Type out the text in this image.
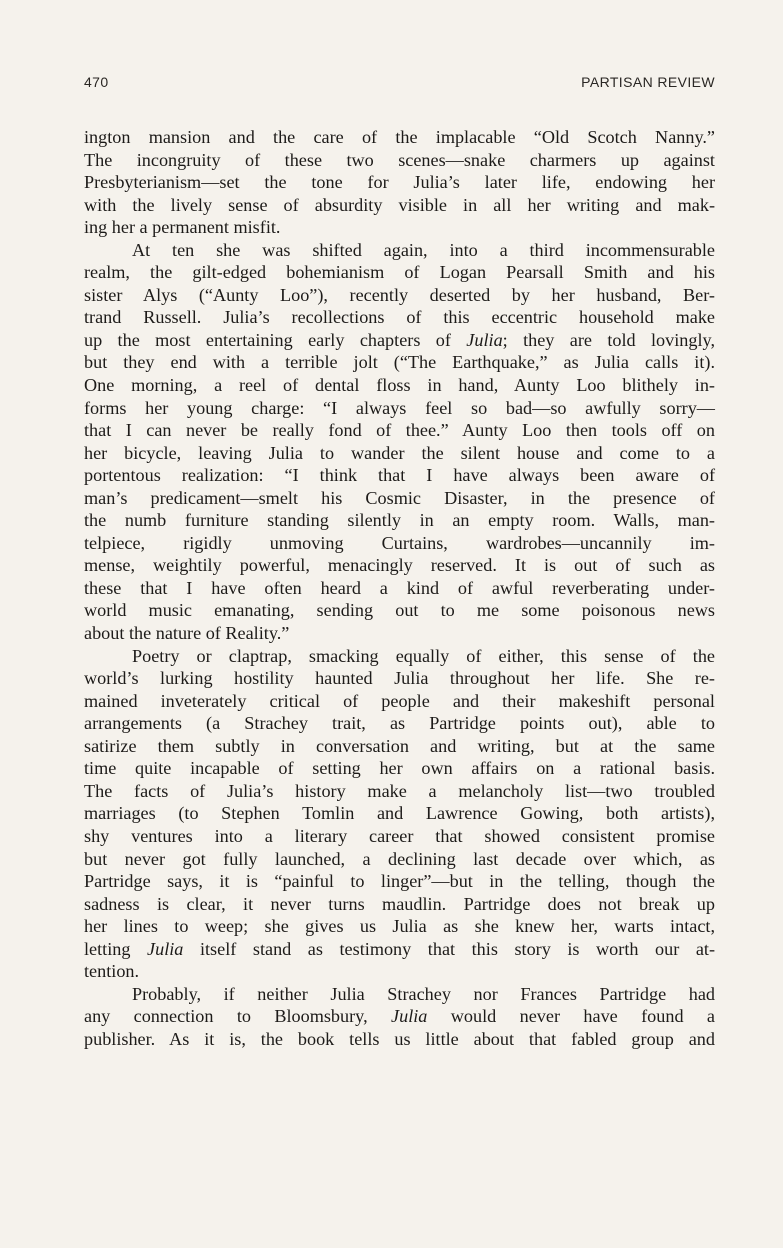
470	PARTISAN REVIEW
ington mansion and the care of the implacable “Old Scotch Nanny.”
The incongruity of these two scenes—snake charmers up against
Presbyterianism—set the tone for Julia’s later life, endowing her
with the lively sense of absurdity visible in all her writing and mak-
ing her a permanent misfit.
At ten she was shifted again, into a third incommensurable
realm, the gilt-edged bohemianism of Logan Pearsall Smith and his
sister Alys (“Aunty Loo”), recently deserted by her husband, Ber-
trand Russell. Julia’s recollections of this eccentric household make
up the most entertaining early chapters of Julia; they are told lovingly,
but they end with a terrible jolt (“The Earthquake,” as Julia calls it).
One morning, a reel of dental floss in hand, Aunty Loo blithely in-
forms her young charge: “I always feel so bad—so awfully sorry—
that I can never be really fond of thee.” Aunty Loo then tools off on
her bicycle, leaving Julia to wander the silent house and come to a
portentous realization: “I think that I have always been aware of
man’s predicament—smelt his Cosmic Disaster, in the presence of
the numb furniture standing silently in an empty room. Walls, man-
telpiece, rigidly unmoving Curtains, wardrobes—uncannily im-
mense, weightily powerful, menacingly reserved. It is out of such as
these that I have often heard a kind of awful reverberating under-
world music emanating, sending out to me some poisonous news
about the nature of Reality.”
Poetry or claptrap, smacking equally of either, this sense of the
world’s lurking hostility haunted Julia throughout her life. She re-
mained inveterately critical of people and their makeshift personal
arrangements (a Strachey trait, as Partridge points out), able to
satirize them subtly in conversation and writing, but at the same
time quite incapable of setting her own affairs on a rational basis.
The facts of Julia’s history make a melancholy list—two troubled
marriages (to Stephen Tomlin and Lawrence Gowing, both artists),
shy ventures into a literary career that showed consistent promise
but never got fully launched, a declining last decade over which, as
Partridge says, it is “painful to linger”—but in the telling, though the
sadness is clear, it never turns maudlin. Partridge does not break up
her lines to weep; she gives us Julia as she knew her, warts intact,
letting Julia itself stand as testimony that this story is worth our at-
tention.
Probably, if neither Julia Strachey nor Frances Partridge had
any connection to Bloomsbury, Julia would never have found a
publisher. As it is, the book tells us little about that fabled group and
